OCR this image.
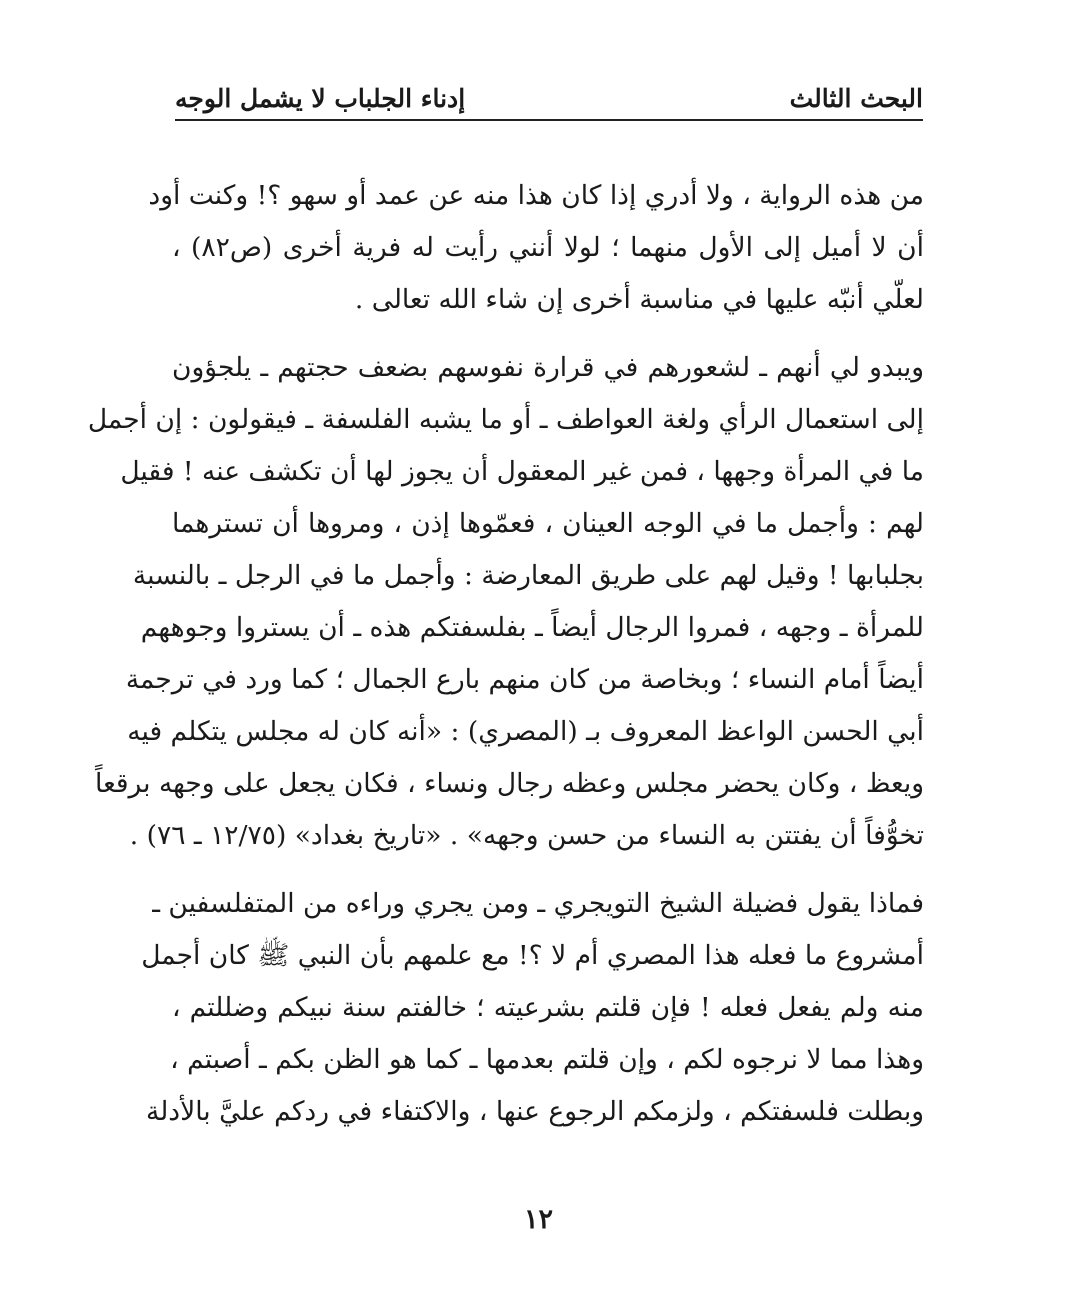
البحث الثالث
إدناء الجلباب لا يشمل الوجه
من هذه الرواية ، ولا أدري إذا كان هذا منه عن عمد أو سهو ؟! وكنت أود
أن لا أميل إلى الأول منهما ؛ لولا أنني رأيت له فرية أخرى (ص٨٢) ،
لعلّي أنبّه عليها في مناسبة أخرى إن شاء الله تعالى .
ويبدو لي أنهم ـ لشعورهم في قرارة نفوسهم بضعف حجتهم ـ يلجؤون
إلى استعمال الرأي ولغة العواطف ـ أو ما يشبه الفلسفة ـ فيقولون : إن أجمل
ما في المرأة وجهها ، فمن غير المعقول أن يجوز لها أن تكشف عنه ! فقيل
لهم : وأجمل ما في الوجه العينان ، فعمّوها إذن ، ومروها أن تسترهما
بجلبابها ! وقيل لهم على طريق المعارضة : وأجمل ما في الرجل ـ بالنسبة
للمرأة ـ وجهه ، فمروا الرجال أيضاً ـ بفلسفتكم هذه ـ أن يستروا وجوههم
أيضاً أمام النساء ؛ وبخاصة من كان منهم بارع الجمال ؛ كما ورد في ترجمة
أبي الحسن الواعظ المعروف بـ (المصري) : «أنه كان له مجلس يتكلم فيه
ويعظ ، وكان يحضر مجلس وعظه رجال ونساء ، فكان يجعل على وجهه برقعاً
تخوُّفاً أن يفتتن به النساء من حسن وجهه» . «تاريخ بغداد» (١٢/٧٥ ـ ٧٦) .
فماذا يقول فضيلة الشيخ التويجري ـ ومن يجري وراءه من المتفلسفين ـ
أمشروع ما فعله هذا المصري أم لا ؟! مع علمهم بأن النبي ﷺ كان أجمل
منه ولم يفعل فعله ! فإن قلتم بشرعيته ؛ خالفتم سنة نبيكم وضللتم ،
وهذا مما لا نرجوه لكم ، وإن قلتم بعدمها ـ كما هو الظن بكم ـ أصبتم ،
وبطلت فلسفتكم ، ولزمكم الرجوع عنها ، والاكتفاء في ردكم عليَّ بالأدلة
١٢
